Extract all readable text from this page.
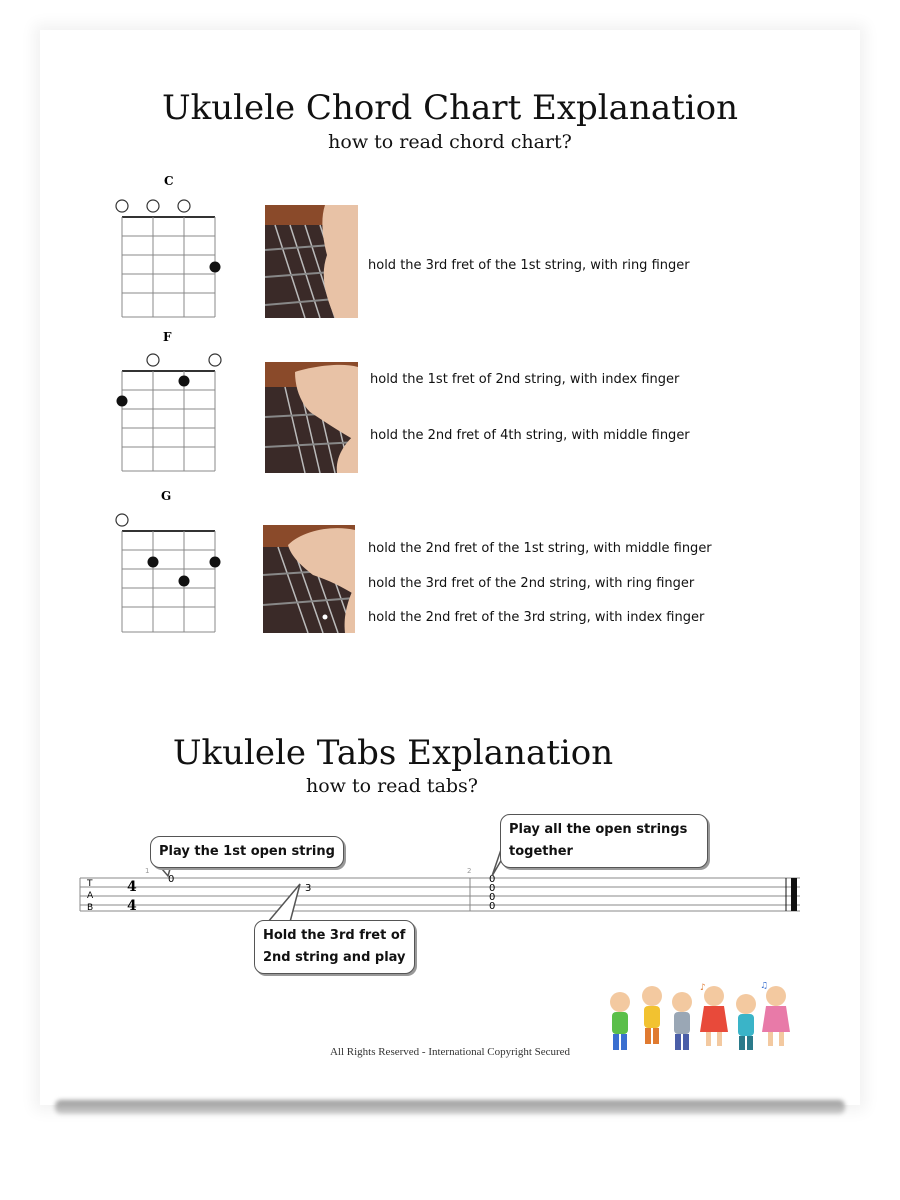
Ukulele Chord Chart Explanation
how to read chord chart?
C
hold the 3rd fret of the 1st string, with ring finger
F
hold the 1st fret of 2nd string, with index finger
hold the 2nd fret of 4th string, with middle finger
G
hold the 2nd fret of the 1st string, with middle finger
hold the 3rd fret of the 2nd string, with ring finger
hold the 2nd fret of the 3rd string, with index finger
Ukulele Tabs Explanation
how to read tabs?
T
A
B
4
4
1	2
0
3
0
0
0
0
Play the 1st open string
Hold the 3rd fret of
2nd string and play
Play all the open strings
together
♪	♫
All Rights Reserved - International Copyright Secured
